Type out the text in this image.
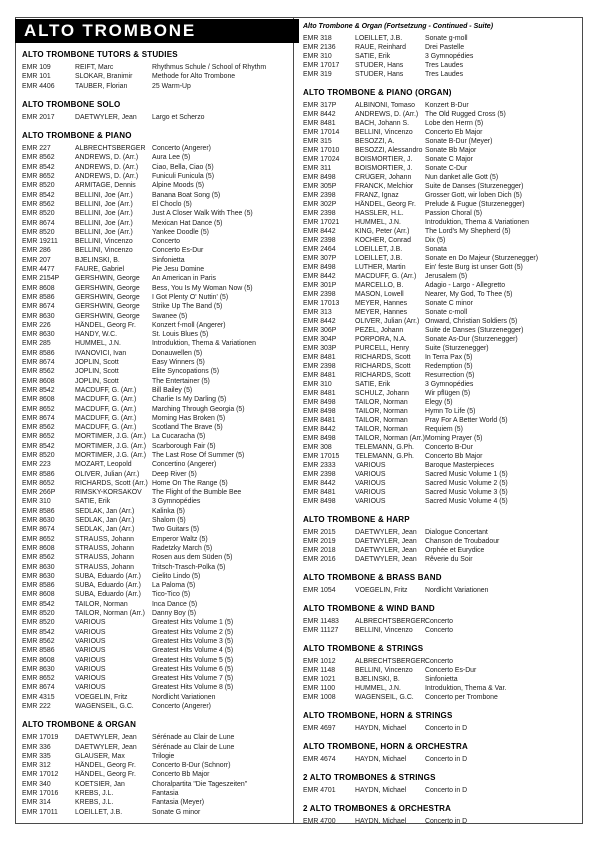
ALTO TROMBONE
ALTO TROMBONE TUTORS & STUDIES
EMR 109	REIFT, Marc	Rhythmus Schule / School of Rhythm
EMR 101	SLOKAR, Branimir	Methode for Alto Trombone
EMR 4406	TAUBER, Florian	25 Warm-Up
ALTO TROMBONE SOLO
EMR 2017	DAETWYLER, Jean	Largo et Scherzo
ALTO TROMBONE & PIANO
EMR 227	ALBRECHTSBERGER Concerto (Angerer)
EMR 8562	ANDREWS, D. (Arr.)	Aura Lee (5)
EMR 8542	ANDREWS, D. (Arr.)	Ciao, Bella, Ciao (5)
EMR 8652	ANDREWS, D. (Arr.)	Funiculi Funicula (5)
EMR 8520	ARMITAGE, Dennis	Alpine Moods (5)
EMR 8542	BELLINI, Joe (Arr.)	Banana Boat Song (5)
EMR 8562	BELLINI, Joe (Arr.)	El Choclo (5)
EMR 8520	BELLINI, Joe (Arr.)	Just A Closer Walk With Thee (5)
EMR 8674	BELLINI, Joe (Arr.)	Mexican Hat Dance (5)
EMR 8520	BELLINI, Joe (Arr.)	Yankee Doodle (5)
EMR 19211	BELLINI, Vincenzo	Concerto
EMR 286	BELLINI, Vincenzo	Concerto Es-Dur
EMR 207	BJELINSKI, B.	Sinfonietta
EMR 4477	FAURE, Gabriel	Pie Jesu Domine
EMR 2154P	GERSHWIN, George	An American in Paris
EMR 8608	GERSHWIN, George	Bess, You Is My Woman Now (5)
EMR 8586	GERSHWIN, George	I Got Plenty O' Nuttin' (5)
EMR 8674	GERSHWIN, George	Strike Up The Band (5)
EMR 8630	GERSHWIN, George	Swanee (5)
EMR 226	HÄNDEL, Georg Fr.	Konzert f-moll (Angerer)
EMR 8630	HANDY, W.C.	St. Louis Blues (5)
EMR 285	HUMMEL, J.N.	Introduktion, Thema & Variationen
EMR 8586	IVANOVICI, Ivan	Donauwellen (5)
EMR 8674	JOPLIN, Scott	Easy Winners (5)
EMR 8562	JOPLIN, Scott	Elite Syncopations (5)
EMR 8608	JOPLIN, Scott	The Entertainer (5)
EMR 8542	MACDUFF, G. (Arr.)	Bill Bailey (5)
EMR 8608	MACDUFF, G. (Arr.)	Charlie Is My Darling (5)
EMR 8652	MACDUFF, G. (Arr.)	Marching Through Georgia (5)
EMR 8674	MACDUFF, G. (Arr.)	Morning Has Broken (5)
EMR 8562	MACDUFF, G. (Arr.)	Scotland The Brave (5)
EMR 8652	MORTIMER, J.G. (Arr.) La Cucaracha (5)
EMR 8542	MORTIMER, J.G. (Arr.) Scarborough Fair (5)
EMR 8520	MORTIMER, J.G. (Arr.) The Last Rose Of Summer (5)
EMR 223	MOZART, Leopold	Concertino (Angerer)
EMR 8586	OLIVER, Julian (Arr.)	Deep River (5)
EMR 8652	RICHARDS, Scott (Arr.) Home On The Range (5)
EMR 266P	RIMSKY-KORSAKOV	The Flight of the Bumble Bee
EMR 310	SATIE, Erik	3 Gymnopédies
EMR 8586	SEDLAK, Jan (Arr.)	Kalinka (5)
EMR 8630	SEDLAK, Jan (Arr.)	Shalom (5)
EMR 8674	SEDLAK, Jan (Arr.)	Two Guitars (5)
EMR 8652	STRAUSS, Johann	Emperor Waltz (5)
EMR 8608	STRAUSS, Johann	Radetzky March (5)
EMR 8562	STRAUSS, Johann	Rosen aus dem Süden (5)
EMR 8630	STRAUSS, Johann	Tritsch-Trasch-Polka (5)
EMR 8630	SUBA, Eduardo (Arr.)	Cielito Lindo (5)
EMR 8586	SUBA, Eduardo (Arr.)	La Paloma (5)
EMR 8608	SUBA, Eduardo (Arr.)	Tico-Tico (5)
EMR 8542	TAILOR, Norman	Inca Dance (5)
EMR 8520	TAILOR, Norman (Arr.)	Danny Boy (5)
EMR 8520	VARIOUS	Greatest Hits Volume 1 (5)
EMR 8542	VARIOUS	Greatest Hits Volume 2 (5)
EMR 8562	VARIOUS	Greatest Hits Volume 3 (5)
EMR 8586	VARIOUS	Greatest Hits Volume 4 (5)
EMR 8608	VARIOUS	Greatest Hits Volume 5 (5)
EMR 8630	VARIOUS	Greatest Hits Volume 6 (5)
EMR 8652	VARIOUS	Greatest Hits Volume 7 (5)
EMR 8674	VARIOUS	Greatest Hits Volume 8 (5)
EMR 4315	VOEGELIN, Fritz	Nordlicht Variationen
EMR 222	WAGENSEIL, G.C.	Concerto (Angerer)
ALTO TROMBONE & ORGAN
EMR 17019	DAETWYLER, Jean	Sérénade au Clair de Lune
EMR 336	DAETWYLER, Jean	Sérénade au Clair de Lune
EMR 335	GLAUSER, Max	Trilogie
EMR 312	HÄNDEL, Georg Fr.	Concerto B-Dur (Schnorr)
EMR 17012	HÄNDEL, Georg Fr.	Concerto Bb Major
EMR 340	KOETSIER, Jan	Choralpartita "Die Tageszeiten"
EMR 17016	KREBS, J.L.	Fantasia
EMR 314	KREBS, J.L.	Fantasia (Meyer)
EMR 17011	LOEILLET, J.B.	Sonate G minor
Alto Trombone & Organ (Fortsetzung - Continued - Suite)
EMR 318	LOEILLET, J.B.	Sonate g-moll
EMR 2136	RAUE, Reinhard	Drei Pastelle
EMR 310	SATIE, Erik	3 Gymnopédies
EMR 17017	STUDER, Hans	Tres Laudes
EMR 319	STUDER, Hans	Tres Laudes
ALTO TROMBONE & PIANO (ORGAN)
EMR 317P	ALBINONI, Tomaso	Konzert B-Dur
EMR 8442	ANDREWS, D. (Arr.) The Old Rugged Cross (5)
EMR 8481	BACH, Johann S.	Lobe den Herrn (5)
EMR 17014	BELLINI, Vincenzo	Concerto Eb Major
EMR 315	BESOZZI, A.	Sonate B-Dur (Meyer)
EMR 17010	BESOZZI, Alessandro Sonate Bb Major
EMR 17024	BOISMORTIER, J.	Sonate C Major
EMR 311	BOISMORTIER, J.	Sonate C-Dur
EMR 8498	CRÜGER, Johann	Nun danket alle Gott (5)
EMR 305P	FRANCK, Melchior	Suite de Danses (Sturzenegger)
EMR 2398	FRANZ, Ignaz	Grosser Gott, wir loben Dich (5)
EMR 302P	HÄNDEL, Georg Fr.	Prelude & Fugue (Sturzenegger)
EMR 2398	HASSLER, H.L.	Passion Choral (5)
EMR 17021	HUMMEL, J.N.	Introduktion, Thema & Variationen
EMR 8442	KING, Peter (Arr.)	The Lord's My Shepherd (5)
EMR 2398	KOCHER, Conrad	Dix (5)
EMR 2464	LOEILLET, J.B.	Sonata
EMR 307P	LOEILLET, J.B.	Sonate en Do Majeur (Sturzenegger)
EMR 8498	LUTHER, Martin	Ein' feste Burg ist unser Gott (5)
EMR 8442	MACDUFF, G. (Arr.)	Jerusalem (5)
EMR 301P	MARCELLO, B.	Adagio - Largo - Allegretto
EMR 2398	MASON, Lowell	Nearer, My God, To Thee (5)
EMR 17013	MEYER, Hannes	Sonate C minor
EMR 313	MEYER, Hannes	Sonate c-moll
EMR 8442	OLIVER, Julian (Arr.) Onward, Christian Soldiers (5)
EMR 306P	PEZEL, Johann	Suite de Danses (Sturzenegger)
EMR 304P	PORPORA, N.A.	Sonate As-Dur (Sturzenegger)
EMR 303P	PURCELL, Henry	Suite (Sturzenegger)
EMR 8481	RICHARDS, Scott	In Terra Pax (5)
EMR 2398	RICHARDS, Scott	Redemption (5)
EMR 8481	RICHARDS, Scott	Resurrection (5)
EMR 310	SATIE, Erik	3 Gymnopédies
EMR 8481	SCHULZ, Johann	Wir pflügen (5)
EMR 8498	TAILOR, Norman	Elegy (5)
EMR 8498	TAILOR, Norman	Hymn To Life (5)
EMR 8481	TAILOR, Norman	Pray For A Better World (5)
EMR 8442	TAILOR, Norman	Requiem (5)
EMR 8498	TAILOR, Norman (Arr.) Morning Prayer (5)
EMR 308	TELEMANN, G.Ph.	Concerto B-Dur
EMR 17015	TELEMANN, G.Ph.	Concerto Bb Major
EMR 2333	VARIOUS	Baroque Masterpieces
EMR 2398	VARIOUS	Sacred Music Volume 1 (5)
EMR 8442	VARIOUS	Sacred Music Volume 2 (5)
EMR 8481	VARIOUS	Sacred Music Volume 3 (5)
EMR 8498	VARIOUS	Sacred Music Volume 4 (5)
ALTO TROMBONE & HARP
EMR 2015	DAETWYLER, Jean	Dialogue Concertant
EMR 2019	DAETWYLER, Jean	Chanson de Troubadour
EMR 2018	DAETWYLER, Jean	Orphée et Eurydice
EMR 2016	DAETWYLER, Jean	Rêverie du Soir
ALTO TROMBONE & BRASS BAND
EMR 1054	VOEGELIN, Fritz	Nordlicht Variationen
ALTO TROMBONE & WIND BAND
EMR 11483	ALBRECHTSBERGER Concerto
EMR 11127	BELLINI, Vincenzo	Concerto
ALTO TROMBONE & STRINGS
EMR 1012	ALBRECHTSBERGER Concerto
EMR 1148	BELLINI, Vincenzo	Concerto Es-Dur
EMR 1021	BJELINSKI, B.	Sinfonietta
EMR 1100	HUMMEL, J.N.	Introduktion, Thema & Var.
EMR 1008	WAGENSEIL, G.C.	Concerto per Trombone
ALTO TROMBONE, HORN & STRINGS
EMR 4697	HAYDN, Michael	Concerto in D
ALTO TROMBONE, HORN & ORCHESTRA
EMR 4674	HAYDN, Michael	Concerto in D
2 ALTO TROMBONES & STRINGS
EMR 4701	HAYDN, Michael	Concerto in D
2 ALTO TROMBONES & ORCHESTRA
EMR 4700	HAYDN, Michael	Concerto in D
